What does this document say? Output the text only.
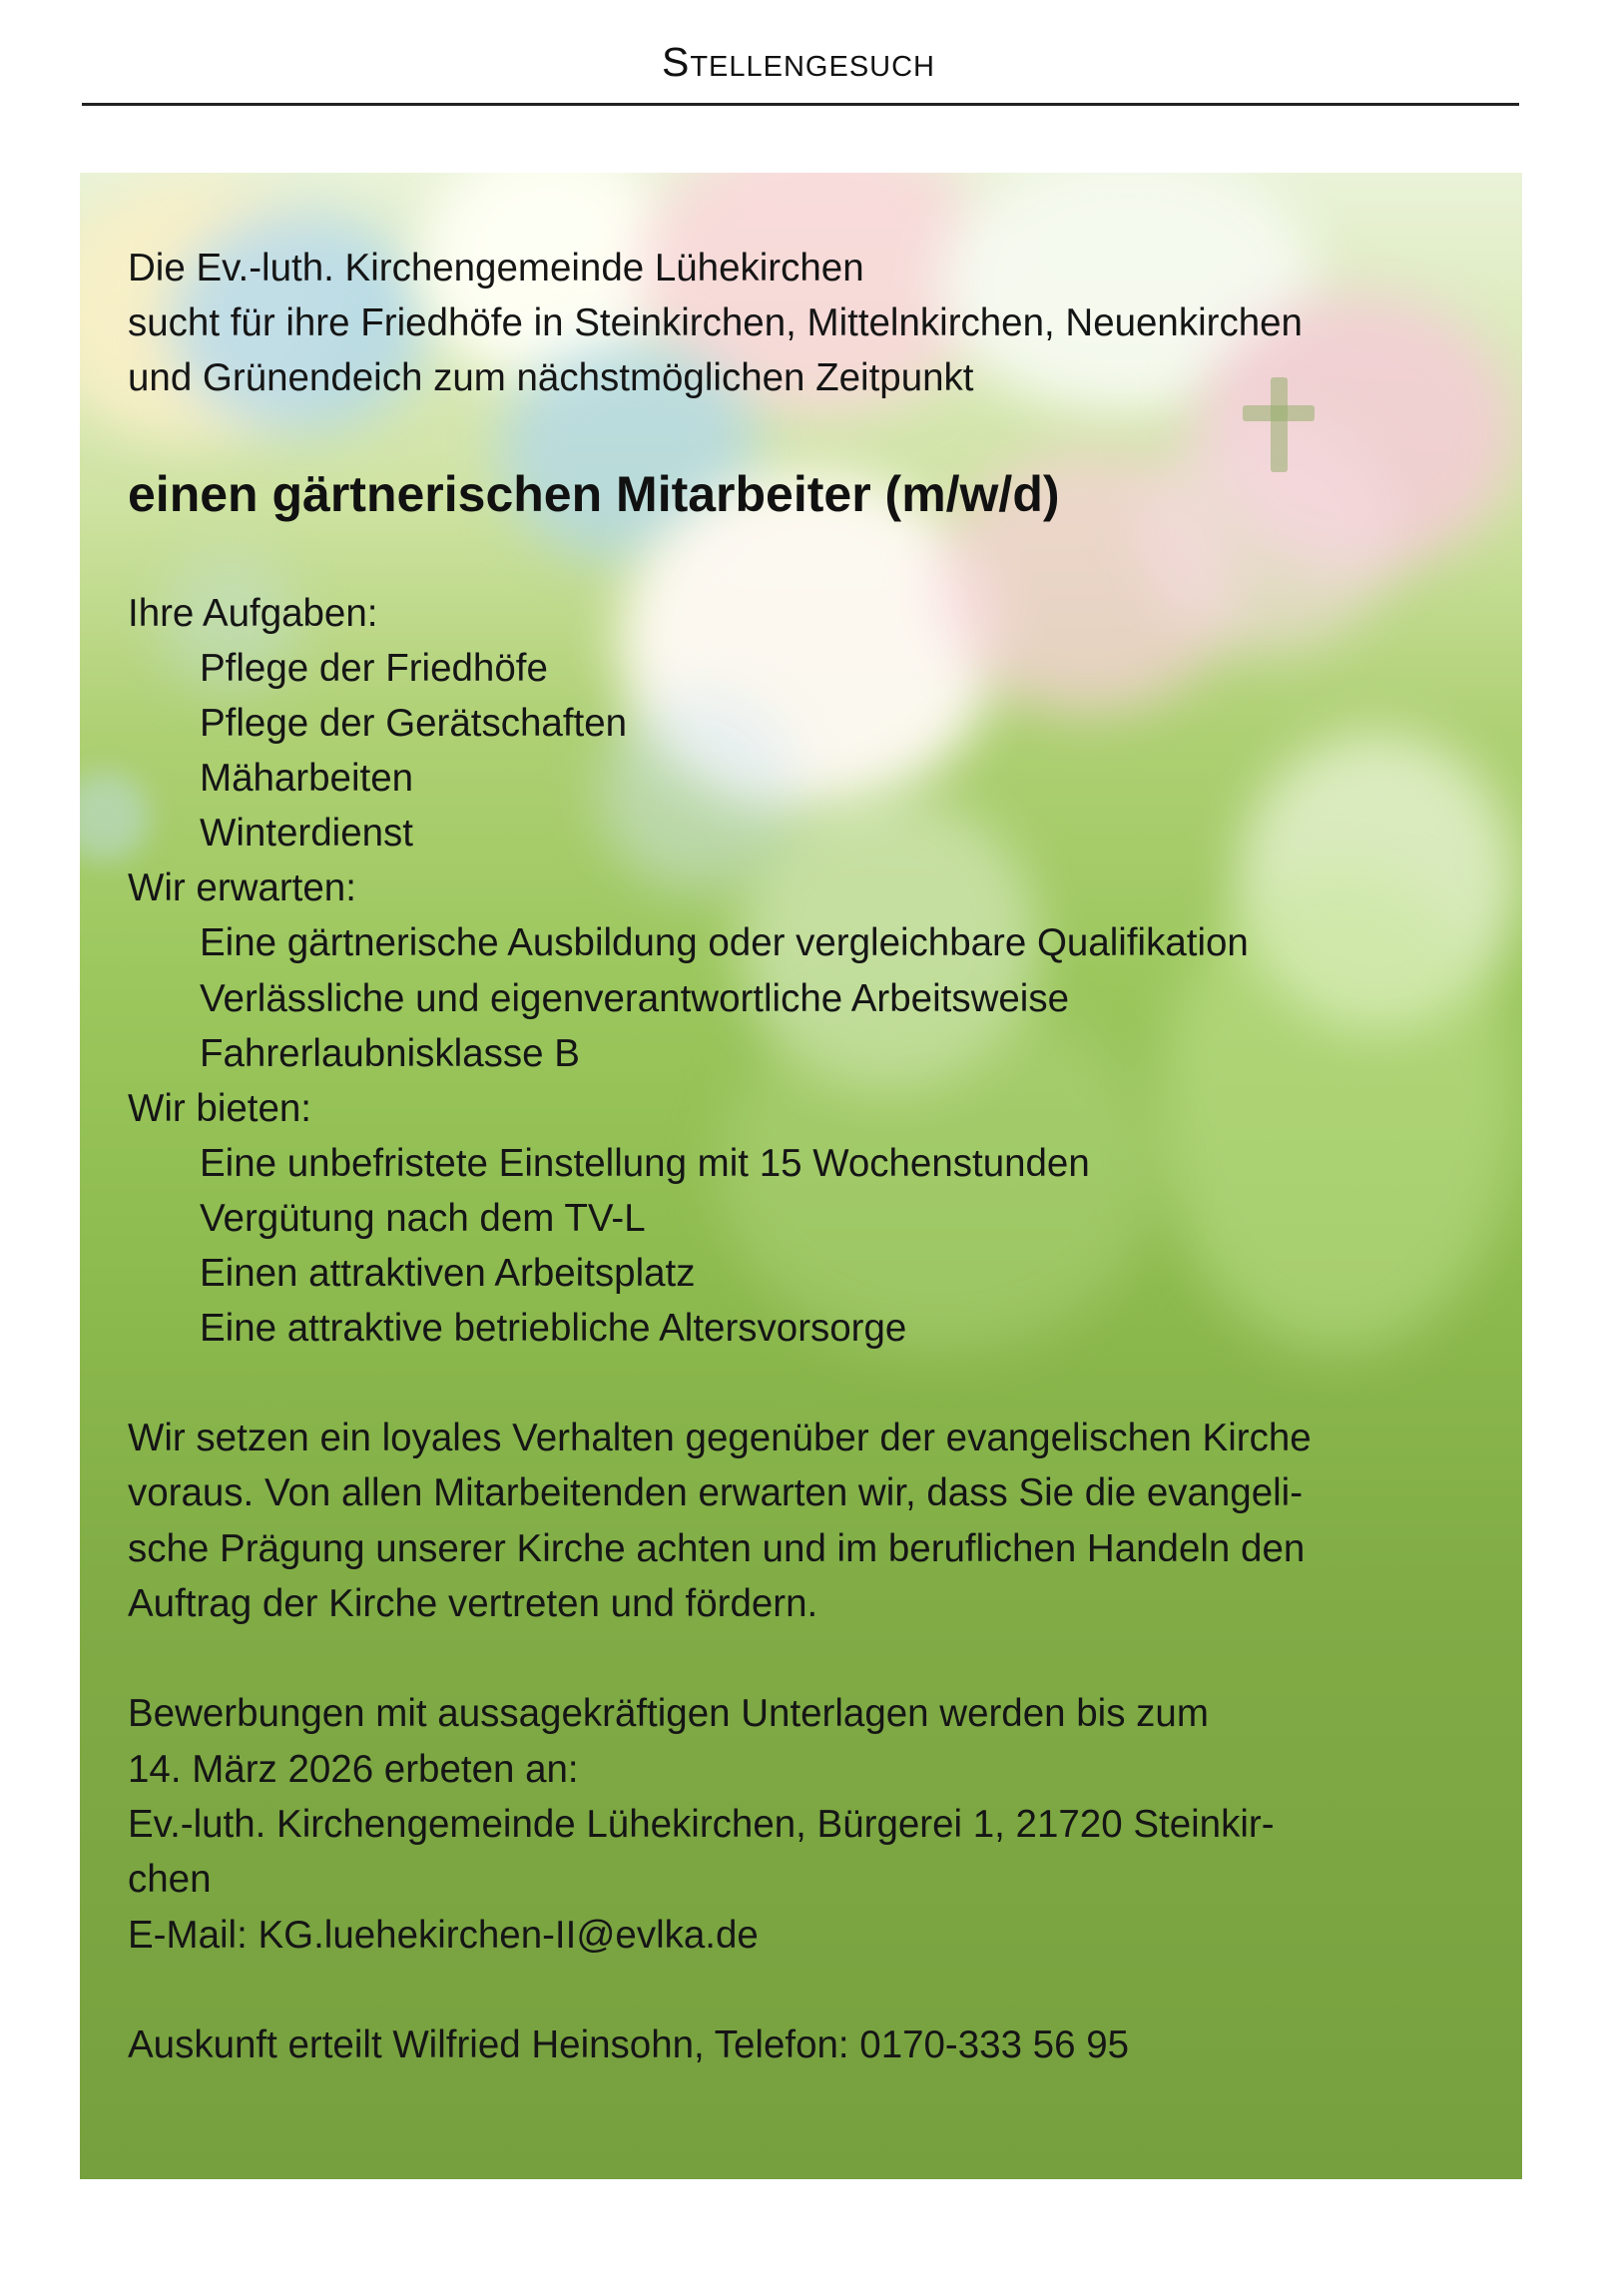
Stellengesuch
Die Ev.-luth. Kirchengemeinde Lühekirchen
sucht für ihre Friedhöfe in Steinkirchen, Mittelnkirchen, Neuenkirchen
und Grünendeich zum nächstmöglichen Zeitpunkt
einen gärtnerischen Mitarbeiter (m/w/d)
Ihre Aufgaben:
Pflege der Friedhöfe
Pflege der Gerätschaften
Mäharbeiten
Winterdienst
Wir erwarten:
Eine gärtnerische Ausbildung oder vergleichbare Qualifikation
Verlässliche und eigenverantwortliche Arbeitsweise
Fahrerlaubnisklasse B
Wir bieten:
Eine unbefristete Einstellung mit 15 Wochenstunden
Vergütung nach dem TV-L
Einen attraktiven Arbeitsplatz
Eine attraktive betriebliche Altersvorsorge
Wir setzen ein loyales Verhalten gegenüber der evangelischen Kirche
voraus. Von allen Mitarbeitenden erwarten wir, dass Sie die evangeli-
sche Prägung unserer Kirche achten und im beruflichen Handeln den
Auftrag der Kirche vertreten und fördern.
Bewerbungen mit aussagekräftigen Unterlagen werden bis zum
14. März 2026 erbeten an:
Ev.-luth. Kirchengemeinde Lühekirchen, Bürgerei 1, 21720 Steinkir-
chen
E-Mail: KG.luehekirchen-II@evlka.de
Auskunft erteilt Wilfried Heinsohn, Telefon: 0170-333 56 95
